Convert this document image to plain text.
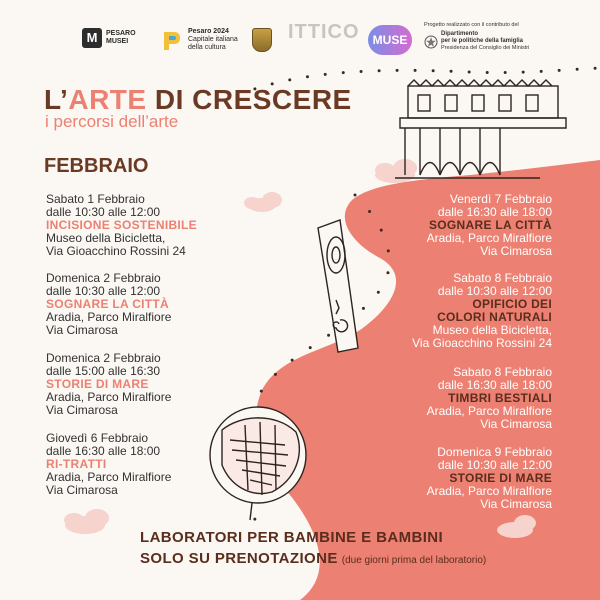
M	PESARO
MUSEI
Pesaro 2024
Capitale italiana
della cultura
ITTICO	MUSE
Progetto realizzato con il contributo del
Dipartimento
per le politiche della famiglia
Presidenza del Consiglio dei Ministri
L’ARTE DI CRESCERE
i percorsi dell’arte
FEBBRAIO
Sabato 1 Febbraio
dalle 10:30 alle 12:00
INCISIONE SOSTENIBILE
Museo della Bicicletta,
Via Gioacchino Rossini 24
Domenica 2 Febbraio
dalle 10:30 alle 12:00
SOGNARE LA CITTÀ
Aradia, Parco Miralfiore
Via Cimarosa
Domenica 2 Febbraio
dalle 15:00 alle 16:30
STORIE DI MARE
Aradia, Parco Miralfiore
Via Cimarosa
Giovedì 6 Febbraio
dalle 16:30 alle 18:00
RI-TRATTI
Aradia, Parco Miralfiore
Via Cimarosa
Venerdì 7 Febbraio
dalle 16:30 alle 18:00
SOGNARE LA CITTÀ
Aradia, Parco Miralfiore
Via Cimarosa
Sabato 8 Febbraio
dalle 10:30 alle 12:00
OPIFICIO DEI
COLORI NATURALI
Museo della Bicicletta,
Via Gioacchino Rossini 24
Sabato 8 Febbraio
dalle 16:30 alle 18:00
TIMBRI BESTIALI
Aradia, Parco Miralfiore
Via Cimarosa
Domenica 9 Febbraio
dalle 10:30 alle 12:00
STORIE DI MARE
Aradia, Parco Miralfiore
Via Cimarosa
LABORATORI PER BAMBINE E BAMBINI
SOLO SU PRENOTAZIONE (due giorni prima del laboratorio)
